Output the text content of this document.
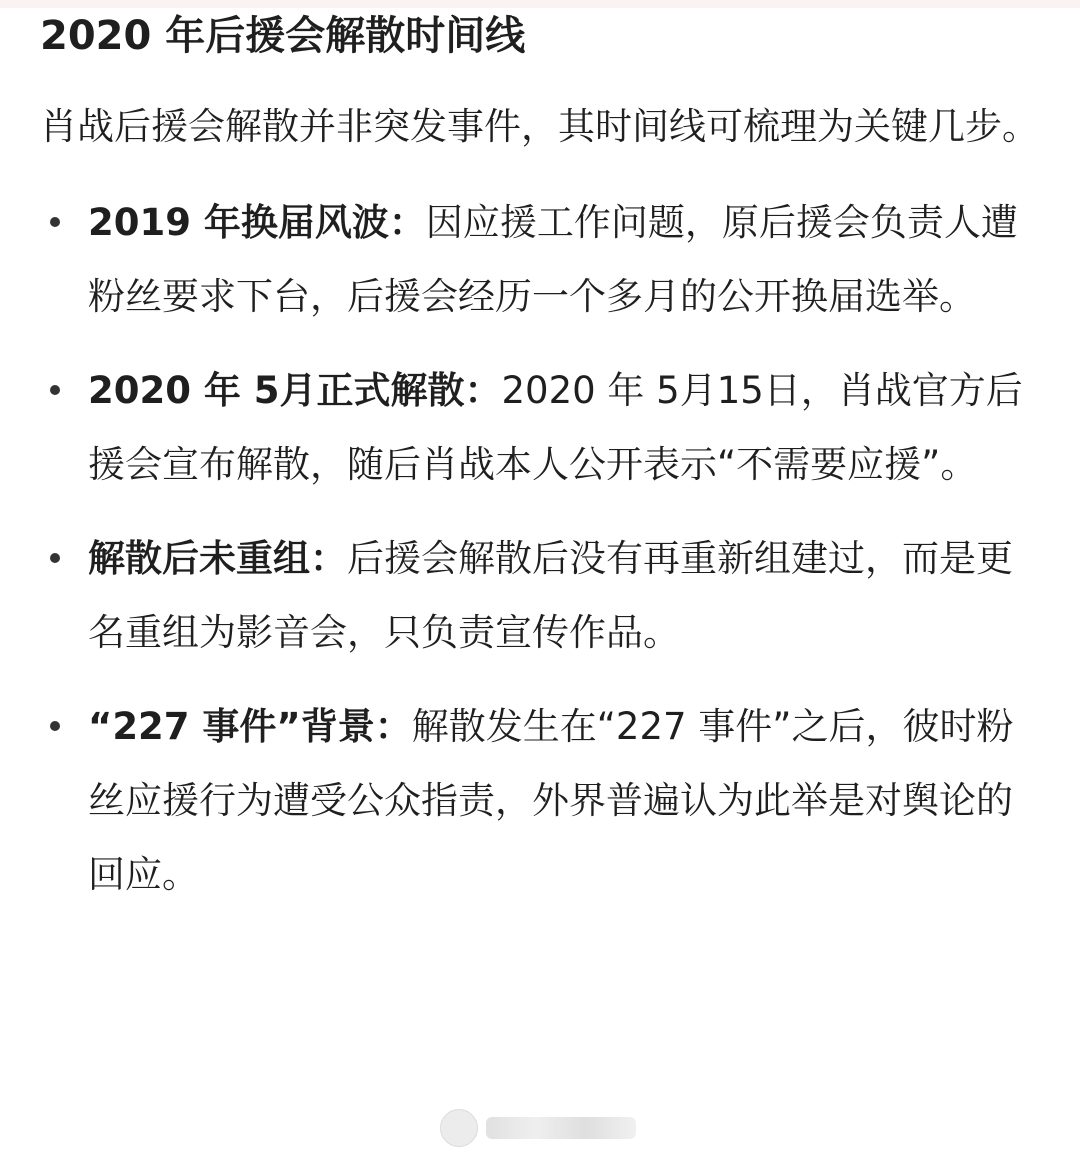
2020 年后援会解散时间线

肖战后援会解散并非突发事件，其时间线可梳理为关键几步。

2019 年换届风波：因应援工作问题，原后援会负责人遭粉丝要求下台，后援会经历一个多月的公开换届选举。
2020 年 5月正式解散：2020 年 5月15日，肖战官方后援会宣布解散，随后肖战本人公开表示“不需要应援”。
解散后未重组：后援会解散后没有再重新组建过，而是更名重组为影音会，只负责宣传作品。
“227 事件”背景：解散发生在“227 事件”之后，彼时粉丝应援行为遭受公众指责，外界普遍认为此举是对舆论的回应。
